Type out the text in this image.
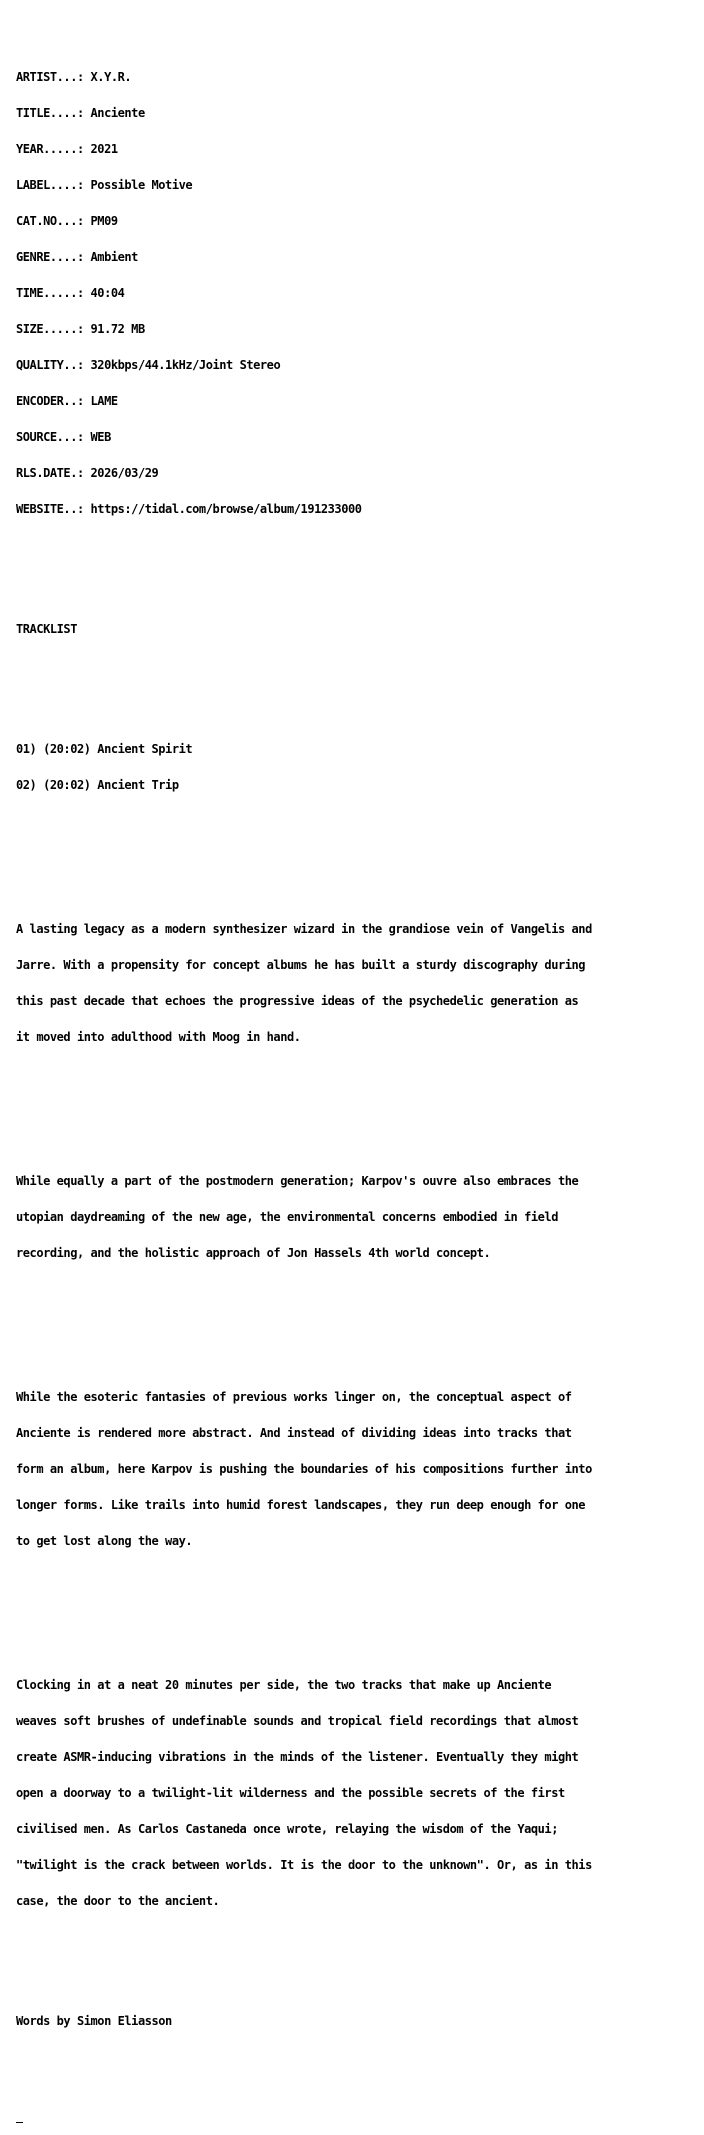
ARTIST...: X.Y.R.

TITLE....: Anciente

YEAR.....: 2021

LABEL....: Possible Motive

CAT.NO...: PM09

GENRE....: Ambient

TIME.....: 40:04

SIZE.....: 91.72 MB

QUALITY..: 320kbps/44.1kHz/Joint Stereo

ENCODER..: LAME

SOURCE...: WEB

RLS.DATE.: 2026/03/29

WEBSITE..: https://tidal.com/browse/album/191233000

TRACKLIST

01) (20:02) Ancient Spirit

02) (20:02) Ancient Trip

A lasting legacy as a modern synthesizer wizard in the grandiose vein of Vangelis and

Jarre. With a propensity for concept albums he has built a sturdy discography during

this past decade that echoes the progressive ideas of the psychedelic generation as

it moved into adulthood with Moog in hand.

While equally a part of the postmodern generation; Karpov's ouvre also embraces the

utopian daydreaming of the new age, the environmental concerns embodied in field

recording, and the holistic approach of Jon Hassels 4th world concept.

While the esoteric fantasies of previous works linger on, the conceptual aspect of

Anciente is rendered more abstract. And instead of dividing ideas into tracks that

form an album, here Karpov is pushing the boundaries of his compositions further into

longer forms. Like trails into humid forest landscapes, they run deep enough for one

to get lost along the way.

Clocking in at a neat 20 minutes per side, the two tracks that make up Anciente

weaves soft brushes of undefinable sounds and tropical field recordings that almost

create ASMR-inducing vibrations in the minds of the listener. Eventually they might

open a doorway to a twilight-lit wilderness and the possible secrets of the first

civilised men. As Carlos Castaneda once wrote, relaying the wisdom of the Yaqui;

"twilight is the crack between worlds. It is the door to the unknown". Or, as in this

case, the door to the ancient.

Words by Simon Eliasson
